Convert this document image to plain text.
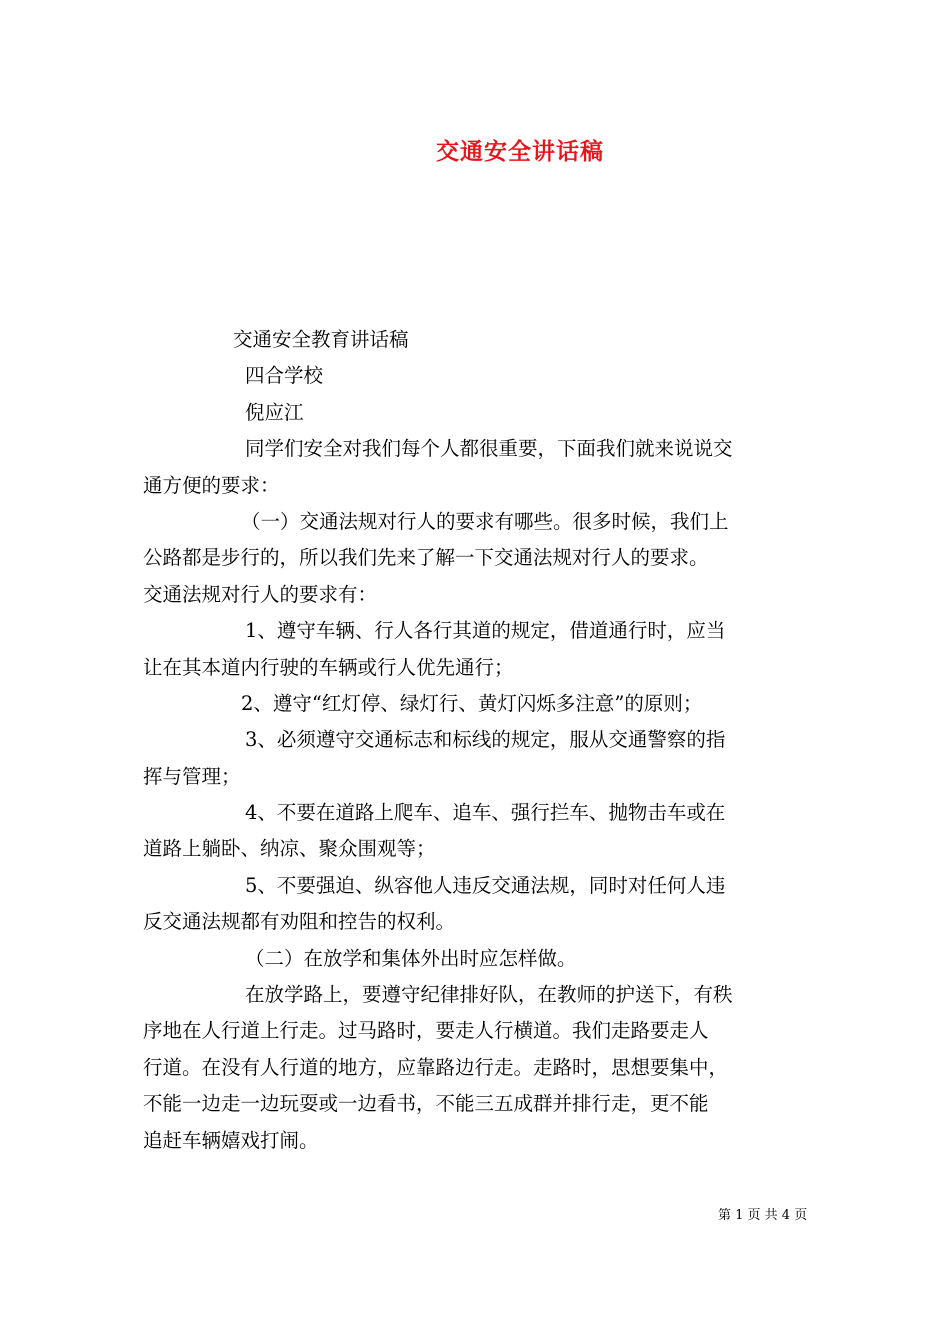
交通安全讲话稿
交通安全教育讲话稿
四合学校
倪应江
同学们安全对我们每个人都很重要，下面我们就来说说交
通方便的要求：
（一）交通法规对行人的要求有哪些。很多时候，我们上
公路都是步行的，所以我们先来了解一下交通法规对行人的要求。
交通法规对行人的要求有：
1、遵守车辆、行人各行其道的规定，借道通行时，应当
让在其本道内行驶的车辆或行人优先通行；
2、遵守“红灯停、绿灯行、黄灯闪烁多注意”的原则；
3、必须遵守交通标志和标线的规定，服从交通警察的指
挥与管理；
4、不要在道路上爬车、追车、强行拦车、抛物击车或在
道路上躺卧、纳凉、聚众围观等；
5、不要强迫、纵容他人违反交通法规，同时对任何人违
反交通法规都有劝阻和控告的权利。
（二）在放学和集体外出时应怎样做。
在放学路上，要遵守纪律排好队，在教师的护送下，有秩
序地在人行道上行走。过马路时，要走人行横道。我们走路要走人
行道。在没有人行道的地方，应靠路边行走。走路时，思想要集中，
不能一边走一边玩耍或一边看书，不能三五成群并排行走，更不能
追赶车辆嬉戏打闹。
第 1 页 共 4 页
